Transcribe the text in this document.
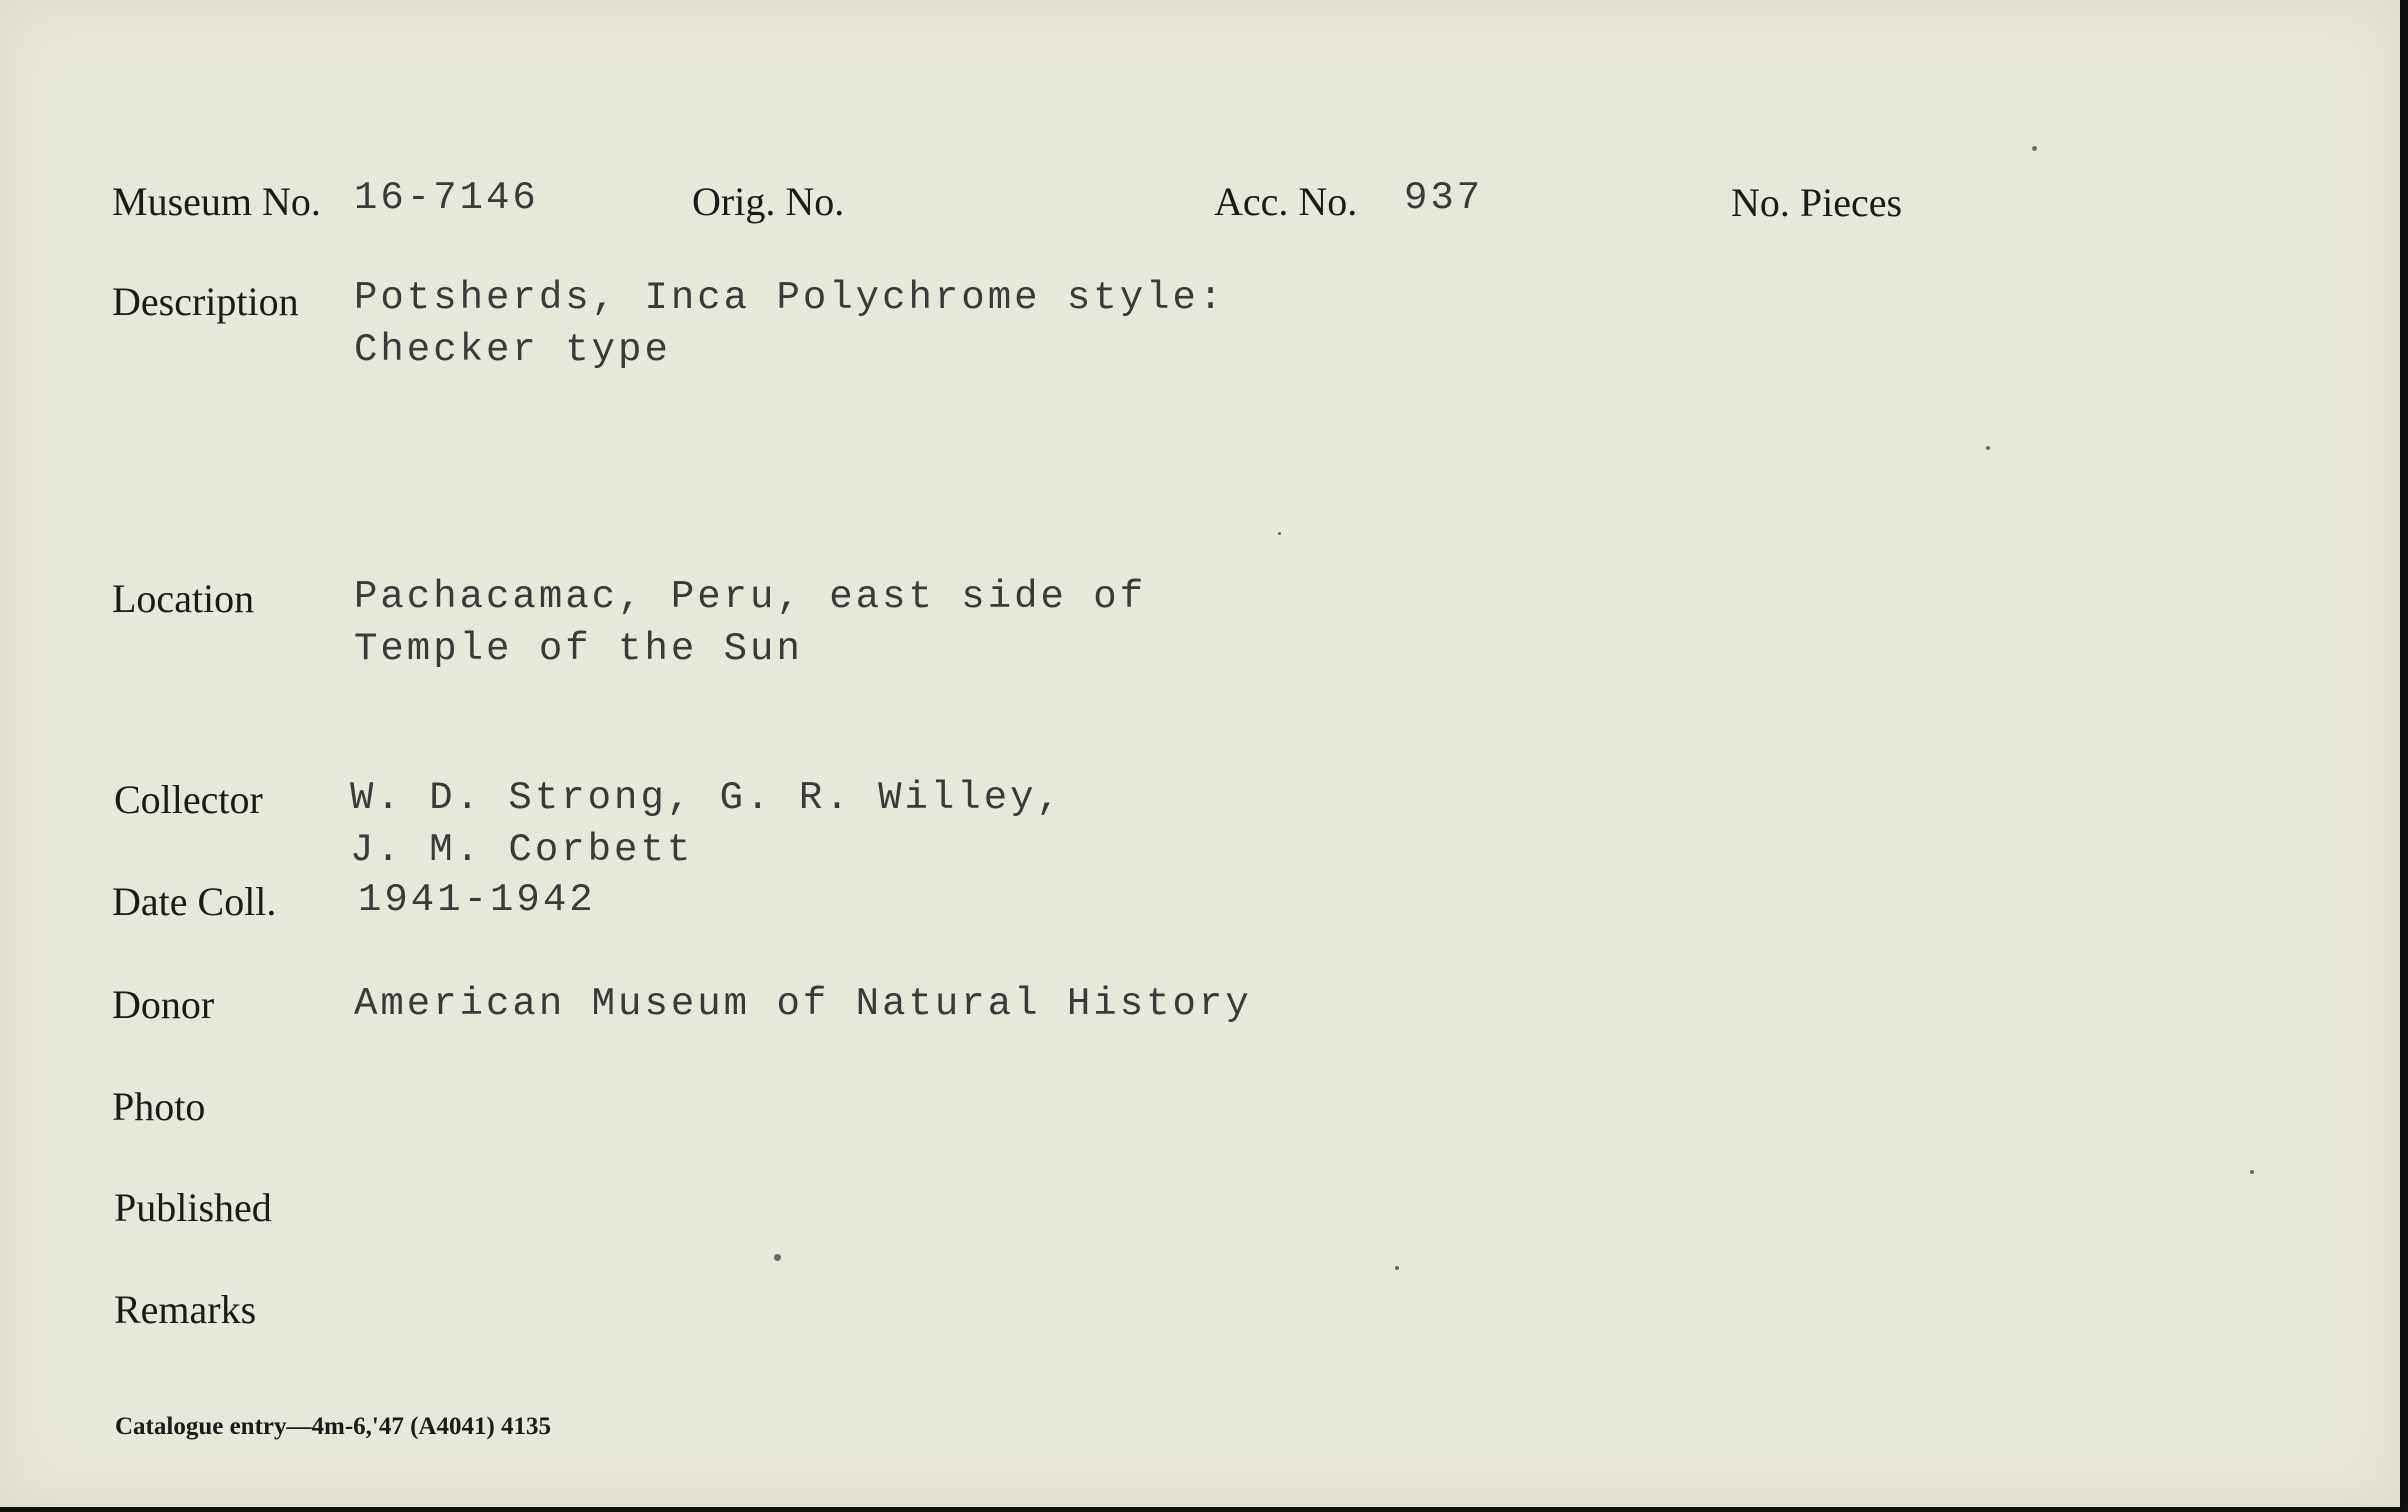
Museum No. 16-7146	Orig. No.	Acc. No. 937	No. Pieces
Description Potsherds, Inca Polychrome style:
Checker type
Location	Pachacamac, Peru, east side of
Temple of the Sun
Collector W. D. Strong, G. R. Willey,
J. M. Corbett
Date Coll. 1941-1942
Donor	American Museum of Natural History
Photo
Published
Remarks
Catalogue entry—4m-6,'47 (A4041) 4135
